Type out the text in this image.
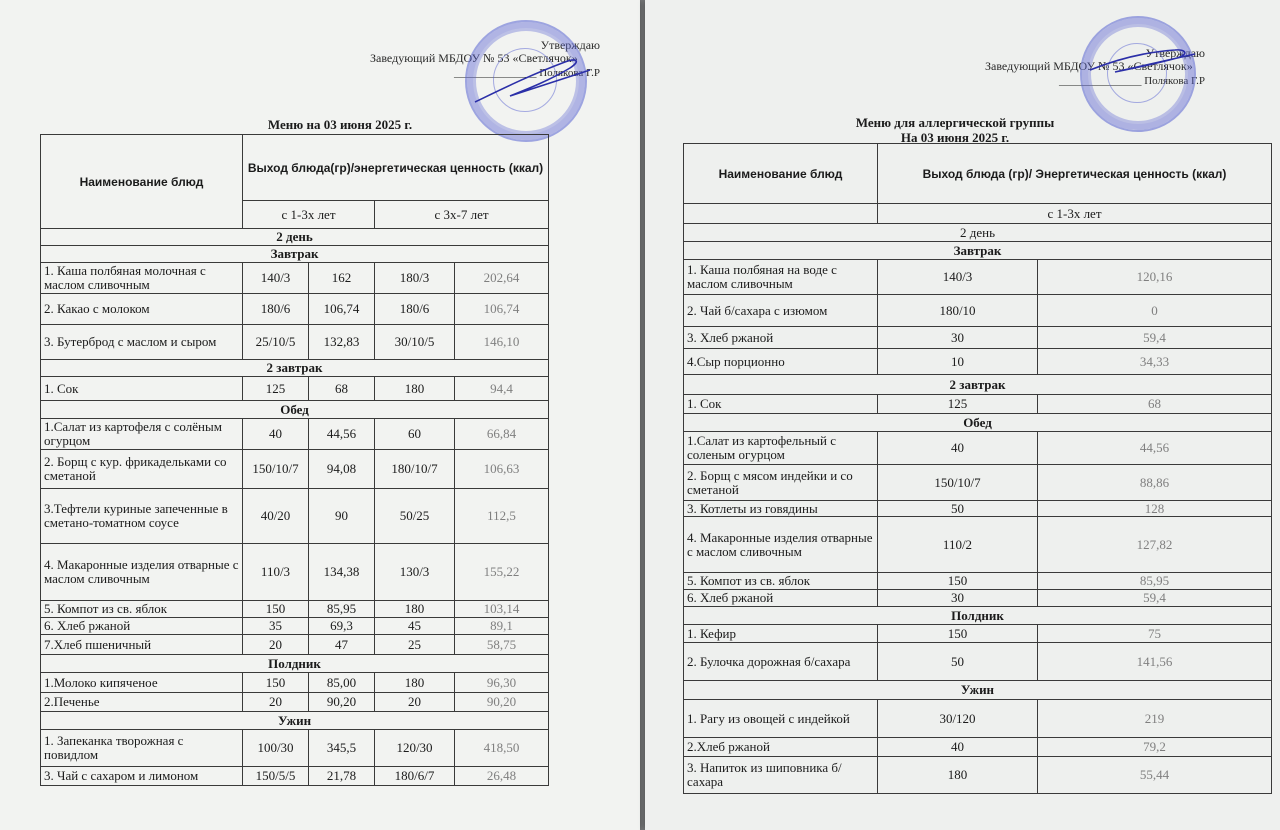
Утверждаю
Заведующий МБДОУ № 53 «Светлячок»
_______________ Полякова Г.Р
Меню на 03 июня 2025 г.
Наименование блюд	Выход блюда(гр)/энергетическая ценность (ккал)			
	с 1-3х лет		с 3х-7 лет	
2 день				
Завтрак				
1. Каша полбяная молочная с маслом сливочным	140/3	162	180/3	202,64
2. Какао с молоком	180/6	106,74	180/6	106,74
3. Бутерброд с маслом и сыром	25/10/5	132,83	30/10/5	146,10
2 завтрак				
1. Сок	125	68	180	94,4
Обед				
1.Салат из картофеля с солёным огурцом	40	44,56	60	66,84
2. Борщ с кур. фрикадельками со сметаной	150/10/7	94,08	180/10/7	106,63
3.Тефтели куриные запеченные в сметано-томатном соусе	40/20	90	50/25	112,5
4. Макаронные изделия отварные с маслом сливочным	110/3	134,38	130/3	155,22
5. Компот из св. яблок	150	85,95	180	103,14
6. Хлеб ржаной	35	69,3	45	89,1
7.Хлеб пшеничный	20	47	25	58,75
Полдник				
1.Молоко кипяченое	150	85,00	180	96,30
2.Печенье	20	90,20	20	90,20
Ужин				
1. Запеканка творожная с повидлом	100/30	345,5	120/30	418,50
3. Чай с сахаром и лимоном	150/5/5	21,78	180/6/7	26,48
Утверждаю
Заведующий МБДОУ № 53 «Светлячок»
_______________ Полякова Г.Р
Меню для аллергической группы
На 03 июня 2025 г.
Наименование блюд	Выход блюда (гр)/ Энергетическая ценность (ккал)	
	с 1-3х лет	
2 день		
Завтрак		
1. Каша полбяная на воде с маслом сливочным	140/3	120,16
2. Чай б/сахара с изюмом	180/10	0
3. Хлеб ржаной	30	59,4
4.Сыр порционно	10	34,33
2 завтрак		
1. Сок	125	68
Обед		
1.Салат из картофельный с соленым огурцом	40	44,56
2. Борщ с мясом индейки и со сметаной	150/10/7	88,86
3. Котлеты из говядины	50	128
4. Макаронные изделия отварные с маслом сливочным	110/2	127,82
5. Компот из св. яблок	150	85,95
6. Хлеб ржаной	30	59,4
Полдник		
1. Кефир	150	75
2. Булочка дорожная б/сахара	50	141,56
Ужин		
1. Рагу из овощей с индейкой	30/120	219
2.Хлеб ржаной	40	79,2
3. Напиток из шиповника б/сахара	180	55,44
